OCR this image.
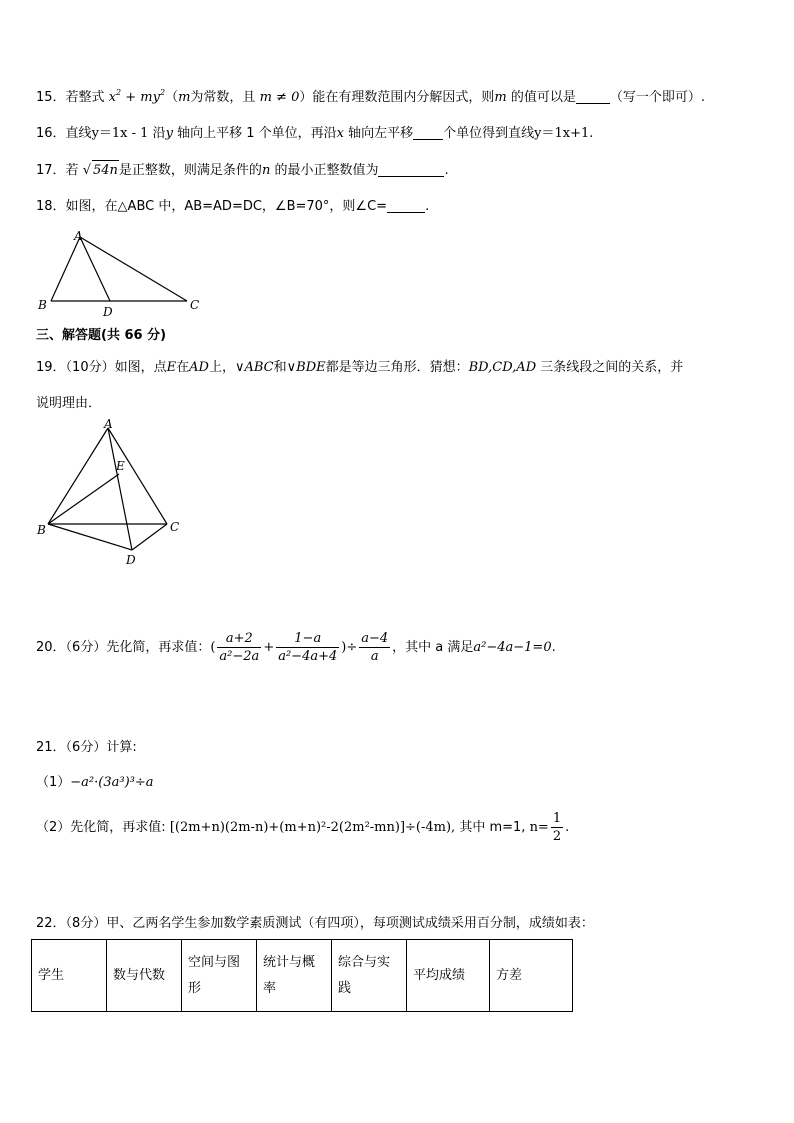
15．若整式 $x^2 + my^2(m$为常数，且 m ≠ 0）能在有理数范围内分解因式，则m 的值可以是	（写一个即可）.
16．直线y＝1x - 1 沿y 轴向上平移 1 个单位，再沿x 轴向左平移 个单位得到直线y＝1x+1.
17．若 √ 54n是正整数，则满足条件的n 的最小正整数值为	.
18．如图，在△ABC 中，AB=AD=DC，∠B=70°，则∠C=	.
A
B	C
D
三、解答题(共 66 分)
19．（10分）如图，点E在AD上，∨ABC和∨BDE都是等边三角形．猜想：BD,CD,AD 三条线段之间的关系，并
说明理由．
A
E
B	C
D
20．（6分）先化简，再求值：( $\frac{a+2}{\text{a²−2a}} + \frac{1-a}{\text{a²−4a+4}}$ )÷ $\frac{a-4}{a}$ ，其中 a 满足a²−4a−1=0.
21．（6分）计算:
（1）−a²·(3a³)³÷a
（2）先化简，再求值: [(2m+n)(2m-n)+(m+n)²-2(2m²-mn)]÷(-4m), 其中 m=1, $n= \frac{1}{2}$ .
22．（8分）甲、乙两名学生参加数学素质测试（有四项），每项测试成绩采用百分制，成绩如表：
学生	数与代数	空间与图形	统计与概率	综合与实践	平均成绩	方差
